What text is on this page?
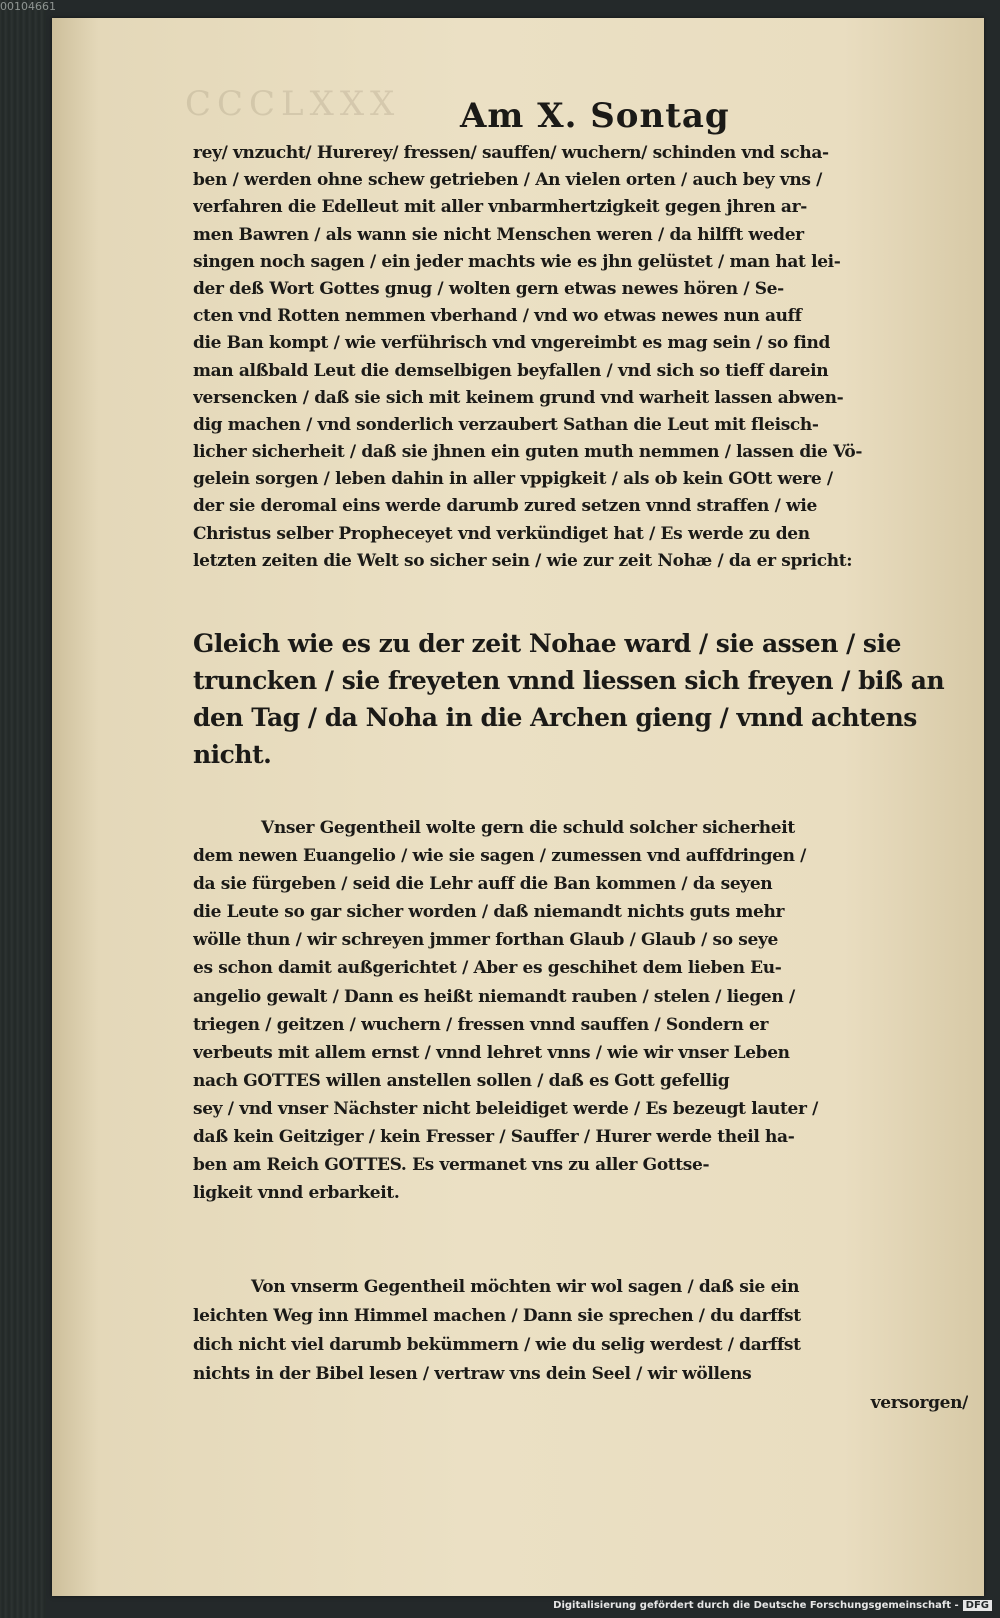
00104661
CCCLXXX	Am X. Sontag
rey/ vnzucht/ Hurerey/ fressen/ sauffen/ wuchern/ schinden vnd scha-
ben / werden ohne schew getrieben / An vielen orten / auch bey vns /
verfahren die Edelleut mit aller vnbarmhertzigkeit gegen jhren ar-
men Bawren / als wann sie nicht Menschen weren / da hilfft weder
singen noch sagen / ein jeder machts wie es jhn gelüstet / man hat lei-
der deß Wort Gottes gnug / wolten gern etwas newes hören / Se-
cten vnd Rotten nemmen vberhand / vnd wo etwas newes nun auff
die Ban kompt / wie verführisch vnd vngereimbt es mag sein / so find
man alßbald Leut die demselbigen beyfallen / vnd sich so tieff darein
versencken / daß sie sich mit keinem grund vnd warheit lassen abwen-
dig machen / vnd sonderlich verzaubert Sathan die Leut mit fleisch-
licher sicherheit / daß sie jhnen ein guten muth nemmen / lassen die Vö-
gelein sorgen / leben dahin in aller vppigkeit / als ob kein GOtt were /
der sie deromal eins werde darumb zured setzen vnnd straffen / wie
Christus selber Propheceyet vnd verkündiget hat / Es werde zu den
letzten zeiten die Welt so sicher sein / wie zur zeit Nohæ / da er spricht:
Gleich wie es zu der zeit Nohae ward / sie assen / sie
truncken / sie freyeten vnnd liessen sich freyen / biß an
den Tag / da Noha in die Archen gieng / vnnd achtens
nicht.
Vnser Gegentheil wolte gern die schuld solcher sicherheit
dem newen Euangelio / wie sie sagen / zumessen vnd auffdringen /
da sie fürgeben / seid die Lehr auff die Ban kommen / da seyen
die Leute so gar sicher worden / daß niemandt nichts guts mehr
wölle thun / wir schreyen jmmer forthan Glaub / Glaub / so seye
es schon damit außgerichtet / Aber es geschihet dem lieben Eu-
angelio gewalt / Dann es heißt niemandt rauben / stelen / liegen /
triegen / geitzen / wuchern / fressen vnnd sauffen / Sondern er
verbeuts mit allem ernst / vnnd lehret vnns / wie wir vnser Leben
nach GOTTES willen anstellen sollen / daß es Gott gefellig
sey / vnd vnser Nächster nicht beleidiget werde / Es bezeugt lauter /
daß kein Geitziger / kein Fresser / Sauffer / Hurer werde theil ha-
ben am Reich GOTTES. Es vermanet vns zu aller Gottse-
ligkeit vnnd erbarkeit.
Von vnserm Gegentheil möchten wir wol sagen / daß sie ein
leichten Weg inn Himmel machen / Dann sie sprechen / du darffst
dich nicht viel darumb bekümmern / wie du selig werdest / darffst
nichts in der Bibel lesen / vertraw vns dein Seel / wir wöllens
versorgen/
Digitalisierung gefördert durch die Deutsche Forschungsgemeinschaft - DFG
